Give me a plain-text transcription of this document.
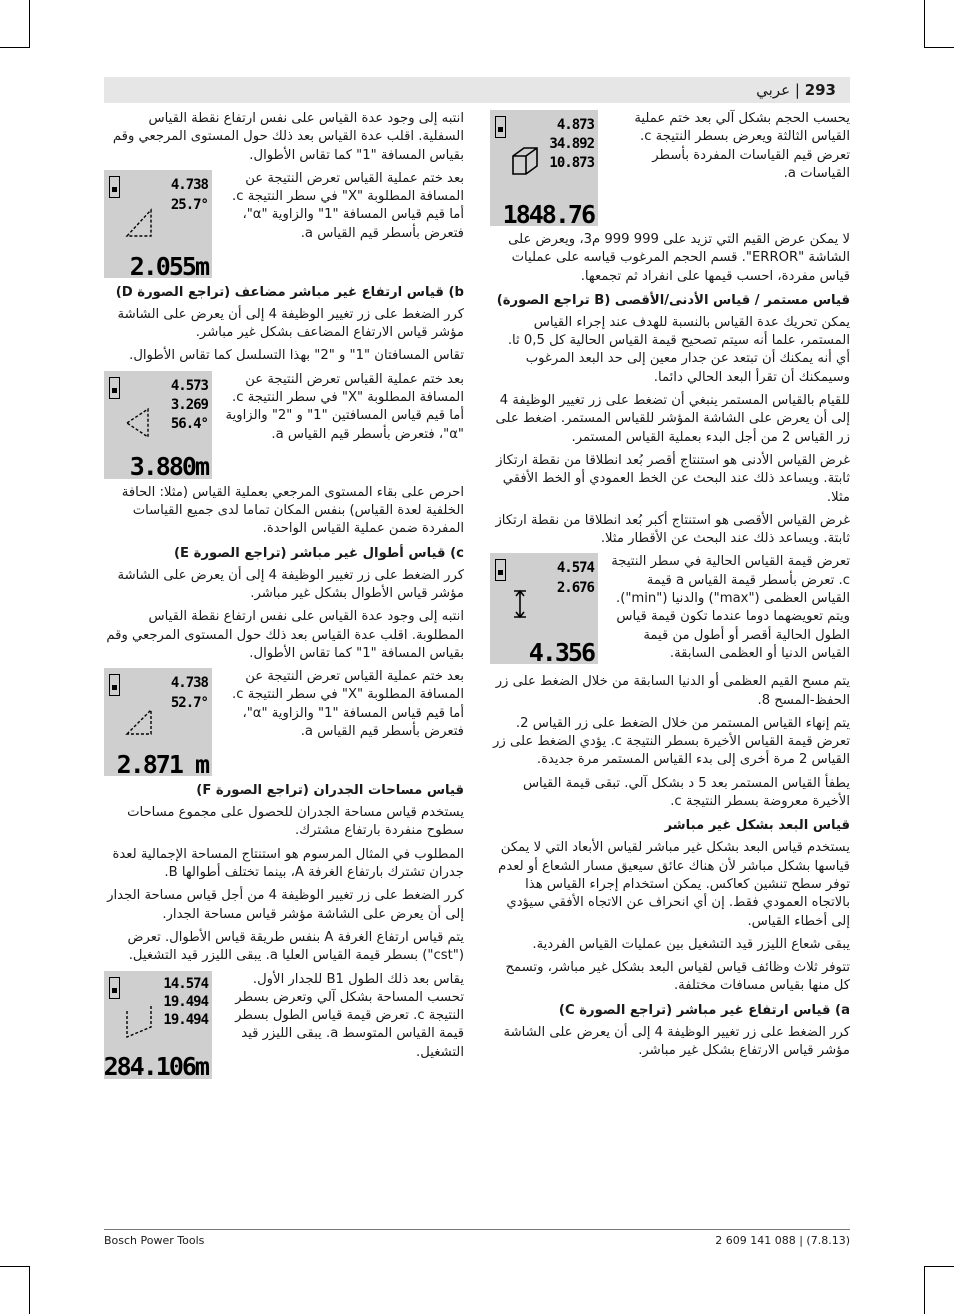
293 | عربي
4.873
34.892
10.873
1848.76

يحسب الحجم بشكل آلي بعد ختم عملية القياس الثالثة ويعرض بسطر النتيجة c. تعرض قيم القياسات المفردة بأسطر القياسات a.

لا يمكن عرض القيم التي تزيد على 999 999 م3، ويعرض على الشاشة "ERROR". قسم الحجم المرغوب قياسه على عمليات قياس مفردة، احسب قيمها على انفراد ثم تجمعها.

قياس مستمر / قياس الأدنى/الأقصى (B تراجع الصورة)

يمكن تحريك عدة القياس بالنسبة للهدف عند إجراء القياس المستمر، علما أنه سيتم تصحيح قيمة القياس الحالية كل 0,5 ثا. أي أنه يمكنك أن تبتعد عن جدار معين إلى حد البعد المرغوب وسيمكنك أن تقرأ البعد الحالي دائما.

للقيام بالقياس المستمر ينبغي أن تضغط على زر تغيير الوظيفة 4 إلى أن يعرض على الشاشة المؤشر للقياس المستمر. اضغط على زر القياس 2 من أجل البدء بعملية القياس المستمر.

غرض القياس الأدنى هو استنتاج أقصر بُعد انطلاقا من نقطة ارتكاز ثابتة. ويساعد ذلك عند البحث عن الخط العمودي أو الخط الأفقي مثلا.

غرض القياس الأقصى هو استنتاج أكبر بُعد انطلاقا من نقطة ارتكاز ثابتة. ويساعد ذلك عند البحث عن الأقطار مثلا.

4.574
2.676
4.356

تعرض قيمة القياس الحالية في سطر النتيجة c. تعرض بأسطر قيمة القياس a قيمة القياس العظمى ("max") والدنيا ("min"). ويتم تعويضهما دوما عندما تكون قيمة قياس الطول الحالية أقصر أو أطول من قيمة القياس الدنيا أو العظمى السابقة.

يتم مسح القيم العظمى أو الدنيا السابقة من خلال الضغط على زر الحفظ-المسح 8.

يتم إنهاء القياس المستمر من خلال الضغط على زر القياس 2. تعرض قيمة القياس الأخيرة بسطر النتيجة c. يؤدي الضغط على زر القياس 2 مرة أخرى إلى بدء القياس المستمر مرة جديدة.

يطفأ القياس المستمر بعد 5 د بشكل آلي. تبقى قيمة القياس الأخيرة معروضة بسطر النتيجة c.

قياس البعد بشكل غير مباشر

يستخدم قياس البعد بشكل غير مباشر لقياس الأبعاد التي لا يمكن قياسها بشكل مباشر لأن هناك عائق سيعيق مسار الشعاع أو لعدم توفر سطح تنشين كعاكس. يمكن استخدام إجراء القياس هذا بالاتجاه العمودي فقط. إن أي انحراف عن الاتجاه الأفقي سيؤدي إلى أخطاء القياس.

يبقى شعاع الليزر قيد التشغيل بين عمليات القياس الفردية.

تتوفر ثلاث وظائف قياس لقياس البعد بشكل غير مباشر، وتسمح كل منها بقياس مسافات مختلفة.

a) قياس ارتفاع غير مباشر (تراجع الصورة C)

كرر الضغط على زر تغيير الوظيفة 4 إلى أن يعرض على الشاشة مؤشر قياس الارتفاع بشكل غير مباشر.

انتبه إلى وجود عدة القياس على نفس ارتفاع نقطة القياس السفلية. اقلب عدة القياس بعد ذلك حول المستوى المرجعي وقم بقياس المسافة "1" كما تقاس الأطوال.

4.738
25.7°
2.055m

بعد ختم عملية القياس تعرض النتيجة عن المسافة المطلوبة "X" في سطر النتيجة c. أما قيم قياس المسافة "1" والزاوية "α"، فتعرض بأسطر قيم القياس a.

b) قياس ارتفاع غير مباشر مضاعف (تراجع الصورة D)

كرر الضغط على زر تغيير الوظيفة 4 إلى أن يعرض على الشاشة مؤشر قياس الارتفاع المضاعف بشكل غير مباشر.

تقاس المسافتان "1" و "2" بهذا التسلسل كما تقاس الأطوال.

4.573
3.269
56.4°
3.880m

بعد ختم عملية القياس تعرض النتيجة عن المسافة المطلوبة "X" في سطر النتيجة c. أما قيم قياس المسافتين "1" و "2" والزاوية "α"، فتعرض بأسطر قيم القياس a.

احرص على بقاء المستوى المرجعي بعملية القياس (مثلا: الحافة الخلفية لعدة القياس) بنفس المكان تماما لدى جميع القياسات المفردة ضمن عملية القياس الواحدة.

c) قياس أطوال غير مباشر (تراجع الصورة E)

كرر الضغط على زر تغيير الوظيفة 4 إلى أن يعرض على الشاشة مؤشر قياس الأطوال بشكل غير مباشر.

انتبه إلى وجود عدة القياس على نفس ارتفاع نقطة القياس المطلوبة. اقلب عدة القياس بعد ذلك حول المستوى المرجعي وقم بقياس المسافة "1" كما تقاس الأطوال.

4.738
52.7°
2.871 m

بعد ختم عملية القياس تعرض النتيجة عن المسافة المطلوبة "X" في سطر النتيجة c. أما قيم قياس المسافة "1" والزاوية "α"، فتعرض بأسطر قيم القياس a.

قياس مساحات الجدران (تراجع الصورة F)

يستخدم قياس مساحة الجدران للحصول على مجموع مساحات سطوح منفردة بارتفاع مشترك.

المطلوب في المثال المرسوم هو استنتاج المساحة الإجمالية لعدة جدران تشترك بارتفاع الغرفة A، بينما تختلف أطوالها B.

كرر الضغط على زر تغيير الوظيفة 4 من أجل قياس مساحة الجدار إلى أن يعرض على الشاشة مؤشر قياس مساحة الجدار.

يتم قياس ارتفاع الغرفة A بنفس طريقة قياس الأطوال. تعرض ("cst") بسطر قيمة القياس العليا a. يبقى الليزر قيد التشغيل.

14.574
19.494
19.494
284.106m

يقاس بعد ذلك الطول B1 للجدار الأول. تحسب المساحة بشكل آلي وتعرض بسطر النتيجة c. تعرض قيمة قياس الطول بسطر قيمة القياس المتوسط a. يبقى الليزر قيد التشغيل.

Bosch Power Tools	2 609 141 088 | (7.8.13)
